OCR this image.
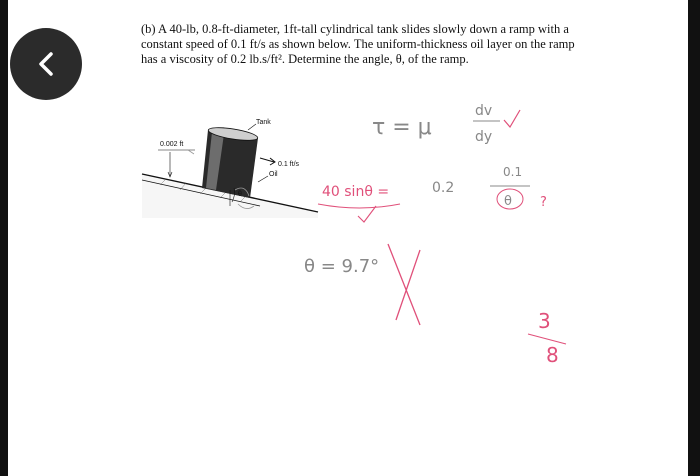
(b) A 40-lb, 0.8-ft-diameter, 1ft-tall cylindrical tank slides slowly down a ramp with a constant speed of 0.1 ft/s as shown below. The uniform-thickness oil layer on the ramp has a viscosity of 0.2 lb.s/ft². Determine the angle, θ, of the ramp.

Tank
0.002 ft
0.1 ft/s
Oil
θ
τ = μ
dv
dy
40 sinθ =	0.2
0.1
θ ?
θ = 9.7°
3
8
